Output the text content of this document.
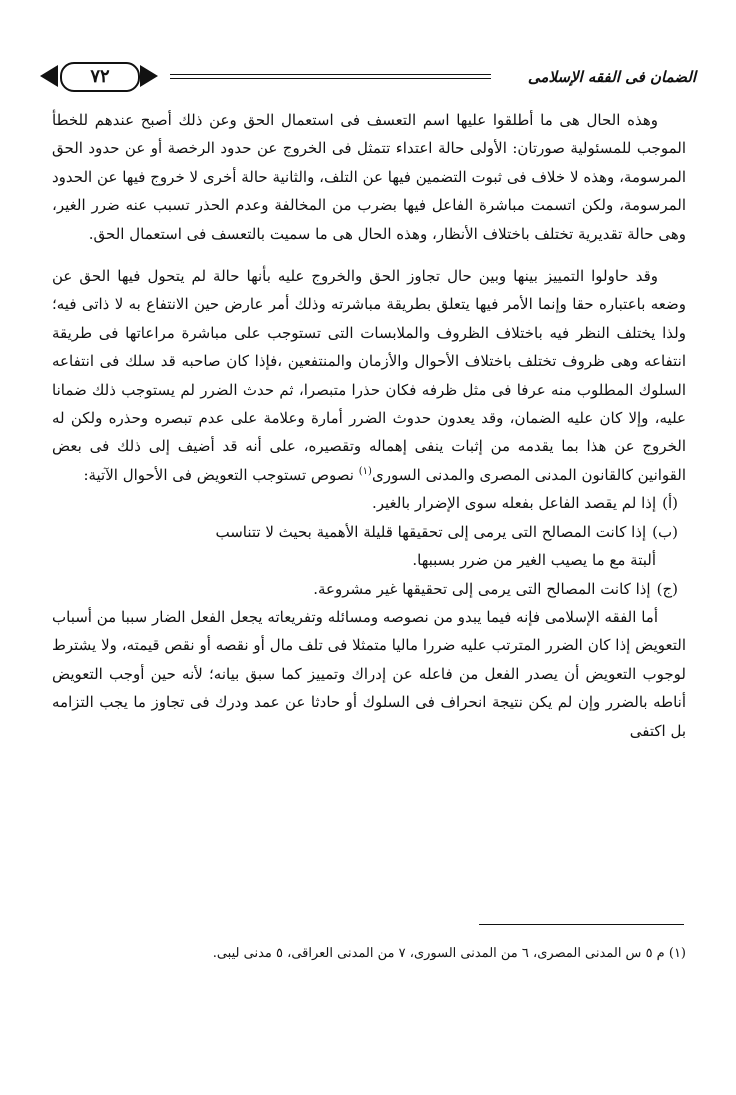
الضمان فى الفقه الإسلامى
٧٢

وهذه الحال هى ما أطلقوا عليها اسم التعسف فى استعمال الحق وعن ذلك أصبح عندهم للخطأ الموجب للمسئولية صورتان: الأولى حالة اعتداء تتمثل فى الخروج عن حدود الرخصة أو عن حدود الحق المرسومة، وهذه لا خلاف فى ثبوت التضمين فيها عن التلف، والثانية حالة أخرى لا خروج فيها عن الحدود المرسومة، ولكن اتسمت مباشرة الفاعل فيها بضرب من المخالفة وعدم الحذر تسبب عنه ضرر الغير، وهى حالة تقديرية تختلف باختلاف الأنظار، وهذه الحال هى ما سميت بالتعسف فى استعمال الحق.

وقد حاولوا التمييز بينها وبين حال تجاوز الحق والخروج عليه بأنها حالة لم يتحول فيها الحق عن وضعه باعتباره حقا وإنما الأمر فيها يتعلق بطريقة مباشرته وذلك أمر عارض حين الانتفاع به لا ذاتى فيه؛ ولذا يختلف النظر فيه باختلاف الظروف والملابسات التى تستوجب على مباشرة مراعاتها فى طريقة انتفاعه وهى ظروف تختلف باختلاف الأحوال والأزمان والمنتفعين ،فإذا كان صاحبه قد سلك فى انتفاعه السلوك المطلوب منه عرفا فى مثل ظرفه فكان حذرا متبصرا، ثم حدث الضرر لم يستوجب ذلك ضمانا عليه، وإلا كان عليه الضمان، وقد يعدون حدوث الضرر أمارة وعلامة على عدم تبصره وحذره ولكن له الخروج عن هذا بما يقدمه من إثبات ينفى إهماله وتقصيره، على أنه قد أضيف إلى ذلك فى بعض القوانين كالقانون المدنى المصرى والمدنى السورى$^{(١)}$ نصوص تستوجب التعويض فى الأحوال الآتية:

(أ)إذا لم يقصد الفاعل بفعله سوى الإضرار بالغير.

(ب)إذا كانت المصالح التى يرمى إلى تحقيقها قليلة الأهمية بحيث لا تتناسب

ألبتة مع ما يصيب الغير من ضرر بسببها.

(ج)إذا كانت المصالح التى يرمى إلى تحقيقها غير مشروعة.

أما الفقه الإسلامى فإنه فيما يبدو من نصوصه ومسائله وتفريعاته يجعل الفعل الضار سببا من أسباب التعويض إذا كان الضرر المترتب عليه ضررا ماليا متمثلا فى تلف مال أو نقصه أو نقص قيمته، ولا يشترط لوجوب التعويض أن يصدر الفعل من فاعله عن إدراك وتمييز كما سبق بيانه؛ لأنه حين أوجب التعويض أناطه بالضرر وإن لم يكن نتيجة انحراف فى السلوك أو حادثا عن عمد ودرك فى تجاوز ما يجب التزامه بل اكتفى

(١) م ٥ س المدنى المصرى، ٦ من المدنى السورى، ٧ من المدنى العراقى، ٥ مدنى ليبى.
